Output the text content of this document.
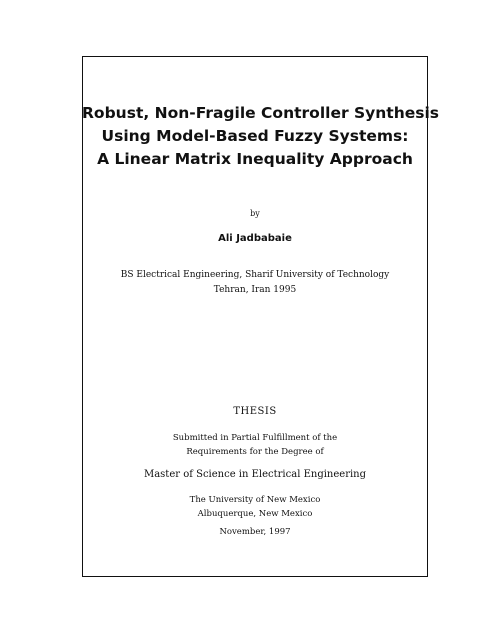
Robust, Non-Fragile Controller Synthesis

Using Model-Based Fuzzy Systems:

A Linear Matrix Inequality Approach

by
Ali Jadbabaie
BS Electrical Engineering, Sharif University of Technology
Tehran, Iran 1995
THESIS
Submitted in Partial Fulfillment of the
Requirements for the Degree of
Master of Science in Electrical Engineering
The University of New Mexico
Albuquerque, New Mexico
November, 1997
